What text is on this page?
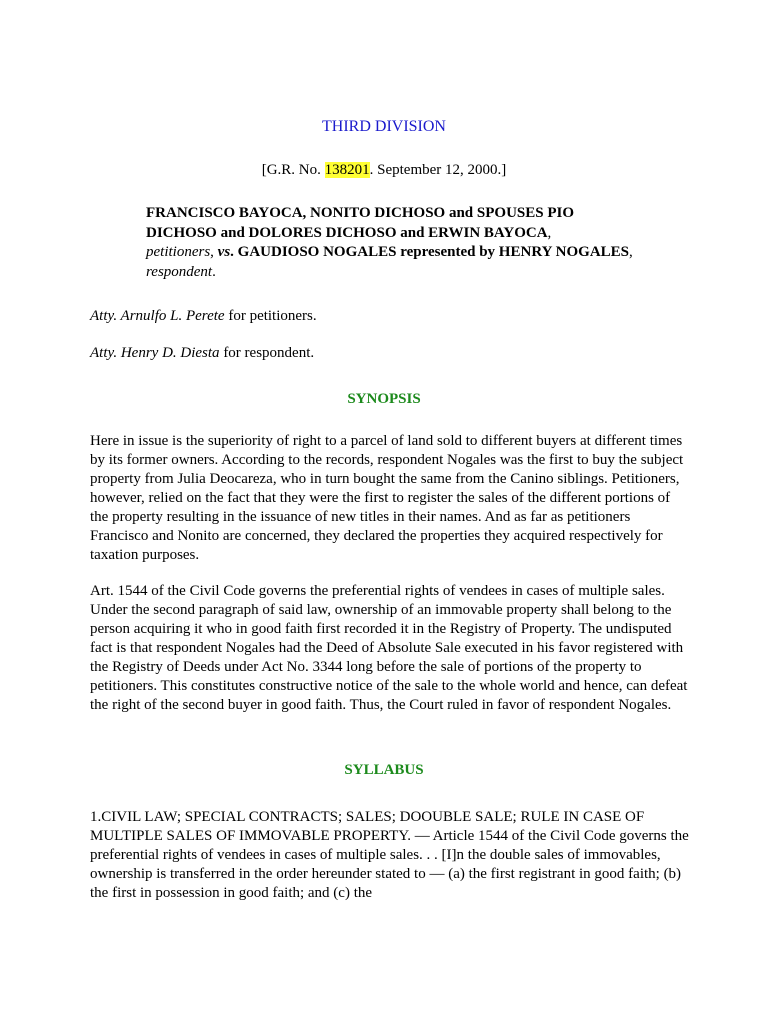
THIRD DIVISION
[G.R. No. 138201. September 12, 2000.]
FRANCISCO BAYOCA, NONITO DICHOSO and SPOUSES PIO DICHOSO and DOLORES DICHOSO and ERWIN BAYOCA,
petitioners, vs. GAUDIOSO NOGALES represented by HENRY NOGALES, respondent.
Atty. Arnulfo L. Perete for petitioners.
Atty. Henry D. Diesta for respondent.
SYNOPSIS

Here in issue is the superiority of right to a parcel of land sold to different buyers at different times by its former owners. According to the records, respondent Nogales was the first to buy the subject property from Julia Deocareza, who in turn bought the same from the Canino siblings. Petitioners, however, relied on the fact that they were the first to register the sales of the different portions of the property resulting in the issuance of new titles in their names. And as far as petitioners Francisco and Nonito are concerned, they declared the properties they acquired respectively for taxation purposes.

Art. 1544 of the Civil Code governs the preferential rights of vendees in cases of multiple sales. Under the second paragraph of said law, ownership of an immovable property shall belong to the person acquiring it who in good faith first recorded it in the Registry of Property. The undisputed fact is that respondent Nogales had the Deed of Absolute Sale executed in his favor registered with the Registry of Deeds under Act No. 3344 long before the sale of portions of the property to petitioners. This constitutes constructive notice of the sale to the whole world and hence, can defeat the right of the second buyer in good faith. Thus, the Court ruled in favor of respondent Nogales.

SYLLABUS

1.CIVIL LAW; SPECIAL CONTRACTS; SALES; DOOUBLE SALE; RULE IN CASE OF MULTIPLE SALES OF IMMOVABLE PROPERTY. — Article 1544 of the Civil Code governs the preferential rights of vendees in cases of multiple sales. . . [I]n the double sales of immovables, ownership is transferred in the order hereunder stated to — (a) the first registrant in good faith; (b) the first in possession in good faith; and (c) the
